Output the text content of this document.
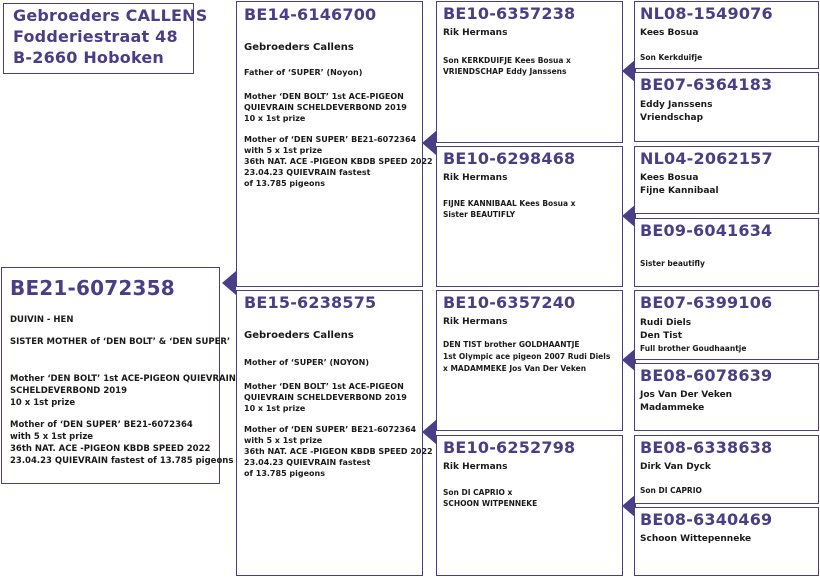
Gebroeders CALLENS
Fodderiestraat 48
B-2660 Hoboken
BE21-6072358
DUIVIN - HEN
SISTER MOTHER of ‘DEN BOLT’ & ‘DEN SUPER’
Mother ‘DEN BOLT’ 1st ACE-PIGEON QUIEVRAIN
SCHELDEVERBOND 2019
10 x 1st prize
Mother of ‘DEN SUPER’ BE21-6072364
with 5 x 1st prize
36th NAT. ACE -PIGEON KBDB SPEED 2022
23.04.23 QUIEVRAIN fastest of 13.785 pigeons
BE14-6146700
Gebroeders Callens
Father of ‘SUPER’ (Noyon)
Mother ‘DEN BOLT’ 1st ACE-PIGEON
QUIEVRAIN SCHELDEVERBOND 2019
10 x 1st prize
Mother of ‘DEN SUPER’ BE21-6072364
with 5 x 1st prize
36th NAT. ACE -PIGEON KBDB SPEED 2022
23.04.23 QUIEVRAIN fastest
of 13.785 pigeons
BE15-6238575
Gebroeders Callens
Mother of ‘SUPER’ (NOYON)
Mother ‘DEN BOLT’ 1st ACE-PIGEON
QUIEVRAIN SCHELDEVERBOND 2019
10 x 1st prize
Mother of ‘DEN SUPER’ BE21-6072364
with 5 x 1st prize
36th NAT. ACE -PIGEON KBDB SPEED 2022
23.04.23 QUIEVRAIN fastest
of 13.785 pigeons
BE10-6357238
Rik Hermans
Son KERKDUIFJE Kees Bosua x
VRIENDSCHAP Eddy Janssens
BE10-6298468
Rik Hermans
FIJNE KANNIBAAL Kees Bosua x
Sister BEAUTIFLY
BE10-6357240
Rik Hermans
DEN TIST brother GOLDHAANTJE
1st Olympic ace pigeon 2007 Rudi Diels
x MADAMMEKE Jos Van Der Veken
BE10-6252798
Rik Hermans
Son DI CAPRIO x
SCHOON WITPENNEKE
NL08-1549076
Kees Bosua
Son Kerkduifje
BE07-6364183
Eddy Janssens
Vriendschap
NL04-2062157
Kees Bosua
Fijne Kannibaal
BE09-6041634
Sister beautifly
BE07-6399106
Rudi Diels
Den Tist
Full brother Goudhaantje
BE08-6078639
Jos Van Der Veken
Madammeke
BE08-6338638
Dirk Van Dyck
Son DI CAPRIO
BE08-6340469
Schoon Wittepenneke
